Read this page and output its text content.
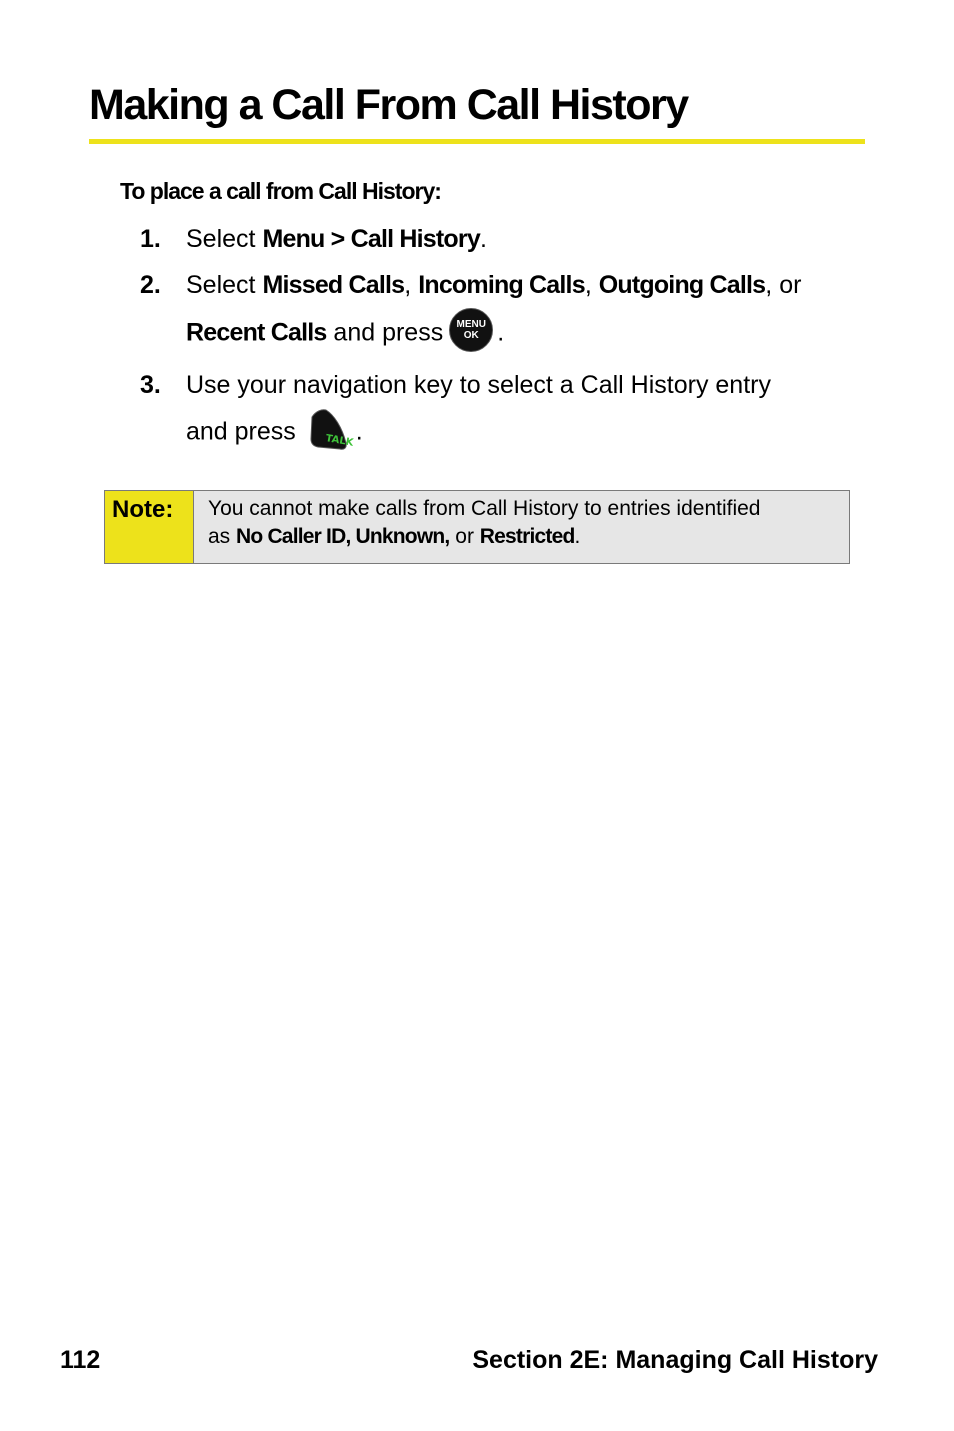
Making a Call From Call History
To place a call from Call History:
1. Select Menu > Call History.
2. Select Missed Calls, Incoming Calls, Outgoing Calls, or
Recent Calls and press MENU
OK .
3. Use your navigation key to select a Call History entry
and press	TALK .
Note:	You cannot make calls from Call History to entries identified
as No Caller ID, Unknown, or Restricted.
112	Section 2E: Managing Call History
